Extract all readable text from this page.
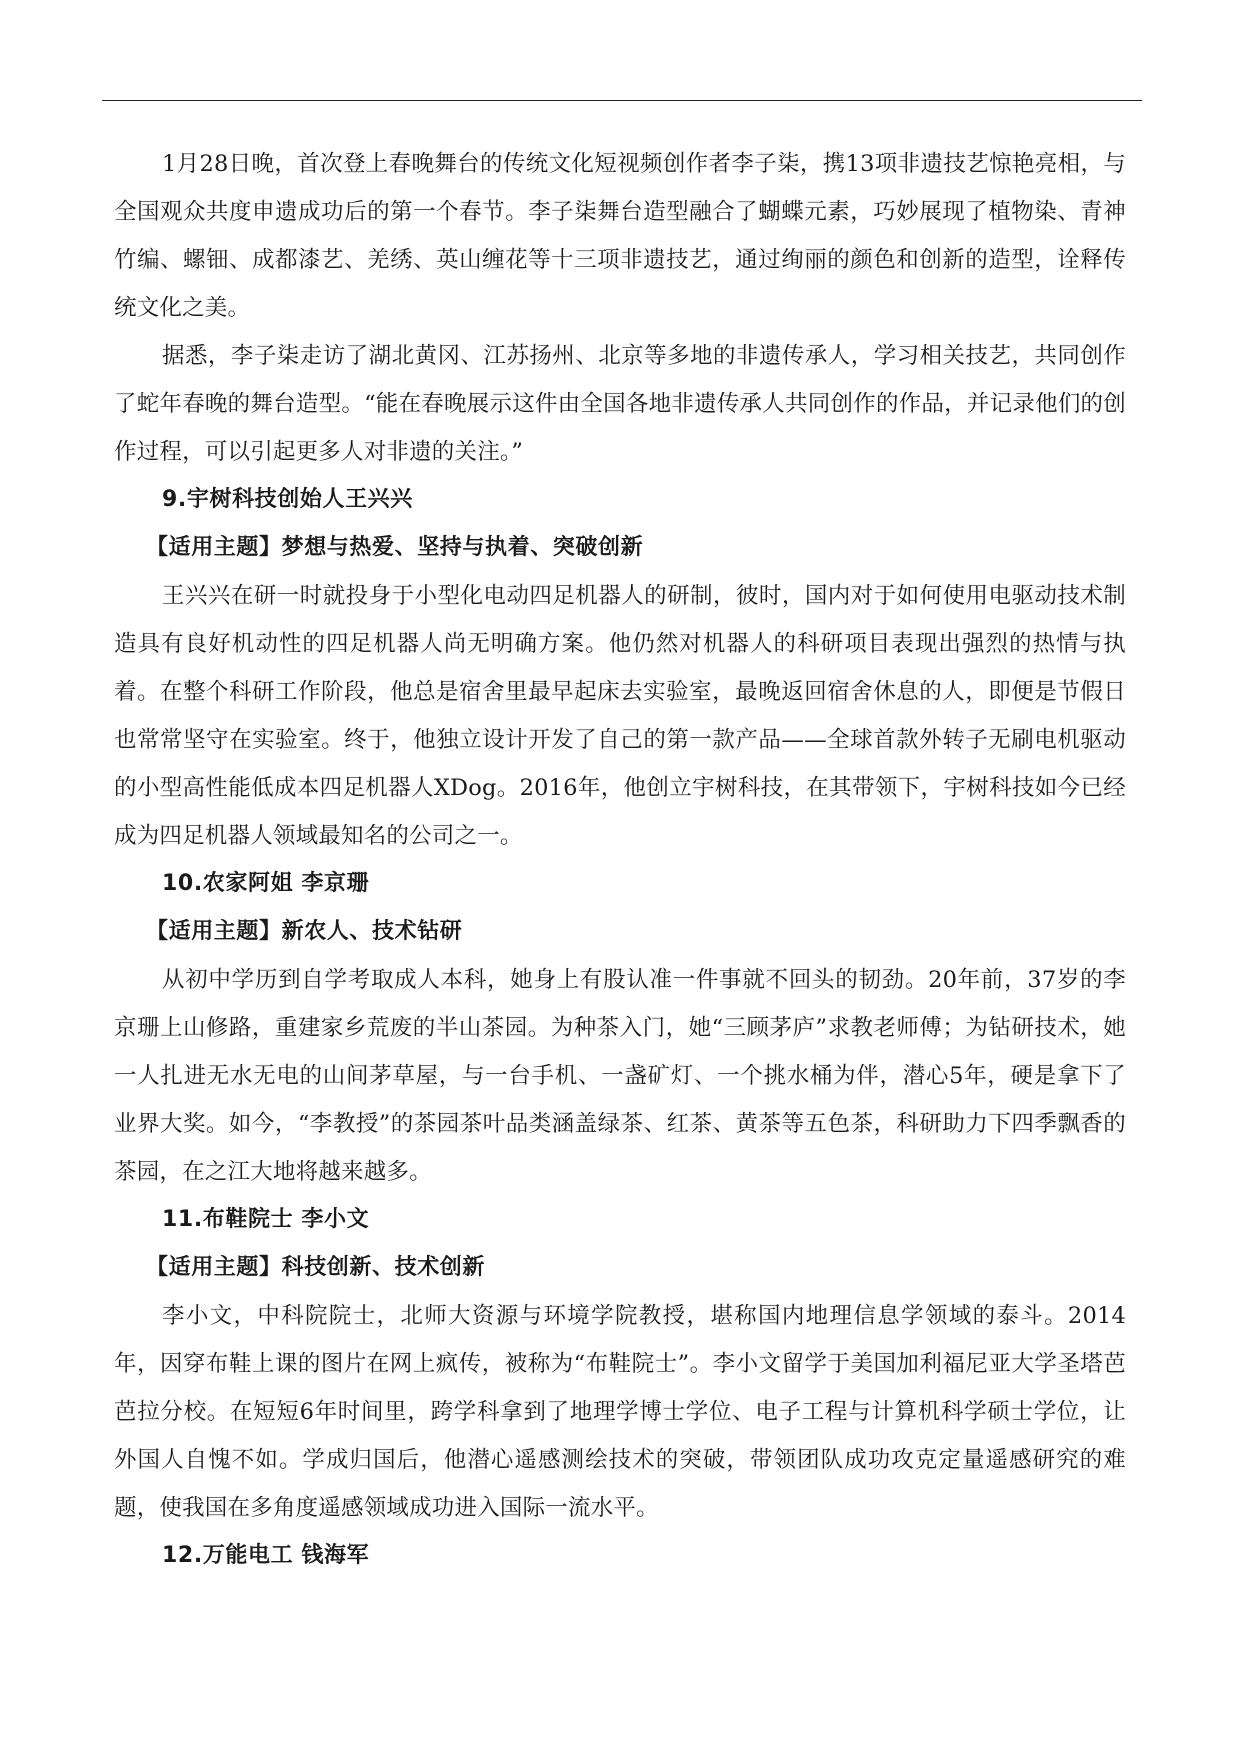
1月28日晚，首次登上春晚舞台的传统文化短视频创作者李子柒，携13项非遗技艺惊艳亮相，与全国观众共度申遗成功后的第一个春节。李子柒舞台造型融合了蝴蝶元素，巧妙展现了植物染、青神竹编、螺钿、成都漆艺、羌绣、英山缠花等十三项非遗技艺，通过绚丽的颜色和创新的造型，诠释传统文化之美。

据悉，李子柒走访了湖北黄冈、江苏扬州、北京等多地的非遗传承人，学习相关技艺，共同创作了蛇年春晚的舞台造型。“能在春晚展示这件由全国各地非遗传承人共同创作的作品，并记录他们的创作过程，可以引起更多人对非遗的关注。”

9.宇树科技创始人王兴兴

【适用主题】梦想与热爱、坚持与执着、突破创新

王兴兴在研一时就投身于小型化电动四足机器人的研制，彼时，国内对于如何使用电驱动技术制造具有良好机动性的四足机器人尚无明确方案。他仍然对机器人的科研项目表现出强烈的热情与执着。在整个科研工作阶段，他总是宿舍里最早起床去实验室，最晚返回宿舍休息的人，即便是节假日也常常坚守在实验室。终于，他独立设计开发了自己的第一款产品——全球首款外转子无刷电机驱动的小型高性能低成本四足机器人XDog。2016年，他创立宇树科技，在其带领下，宇树科技如今已经成为四足机器人领域最知名的公司之一。

10.农家阿姐 李京珊

【适用主题】新农人、技术钻研

从初中学历到自学考取成人本科，她身上有股认准一件事就不回头的韧劲。20年前，37岁的李京珊上山修路，重建家乡荒废的半山茶园。为种茶入门，她“三顾茅庐”求教老师傅；为钻研技术，她一人扎进无水无电的山间茅草屋，与一台手机、一盏矿灯、一个挑水桶为伴，潜心5年，硬是拿下了业界大奖。如今，“李教授”的茶园茶叶品类涵盖绿茶、红茶、黄茶等五色茶，科研助力下四季飘香的茶园，在之江大地将越来越多。

11.布鞋院士 李小文

【适用主题】科技创新、技术创新

李小文，中科院院士，北师大资源与环境学院教授，堪称国内地理信息学领域的泰斗。2014年，因穿布鞋上课的图片在网上疯传，被称为“布鞋院士”。李小文留学于美国加利福尼亚大学圣塔芭芭拉分校。在短短6年时间里，跨学科拿到了地理学博士学位、电子工程与计算机科学硕士学位，让外国人自愧不如。学成归国后，他潜心遥感测绘技术的突破，带领团队成功攻克定量遥感研究的难题，使我国在多角度遥感领域成功进入国际一流水平。

12.万能电工 钱海军
